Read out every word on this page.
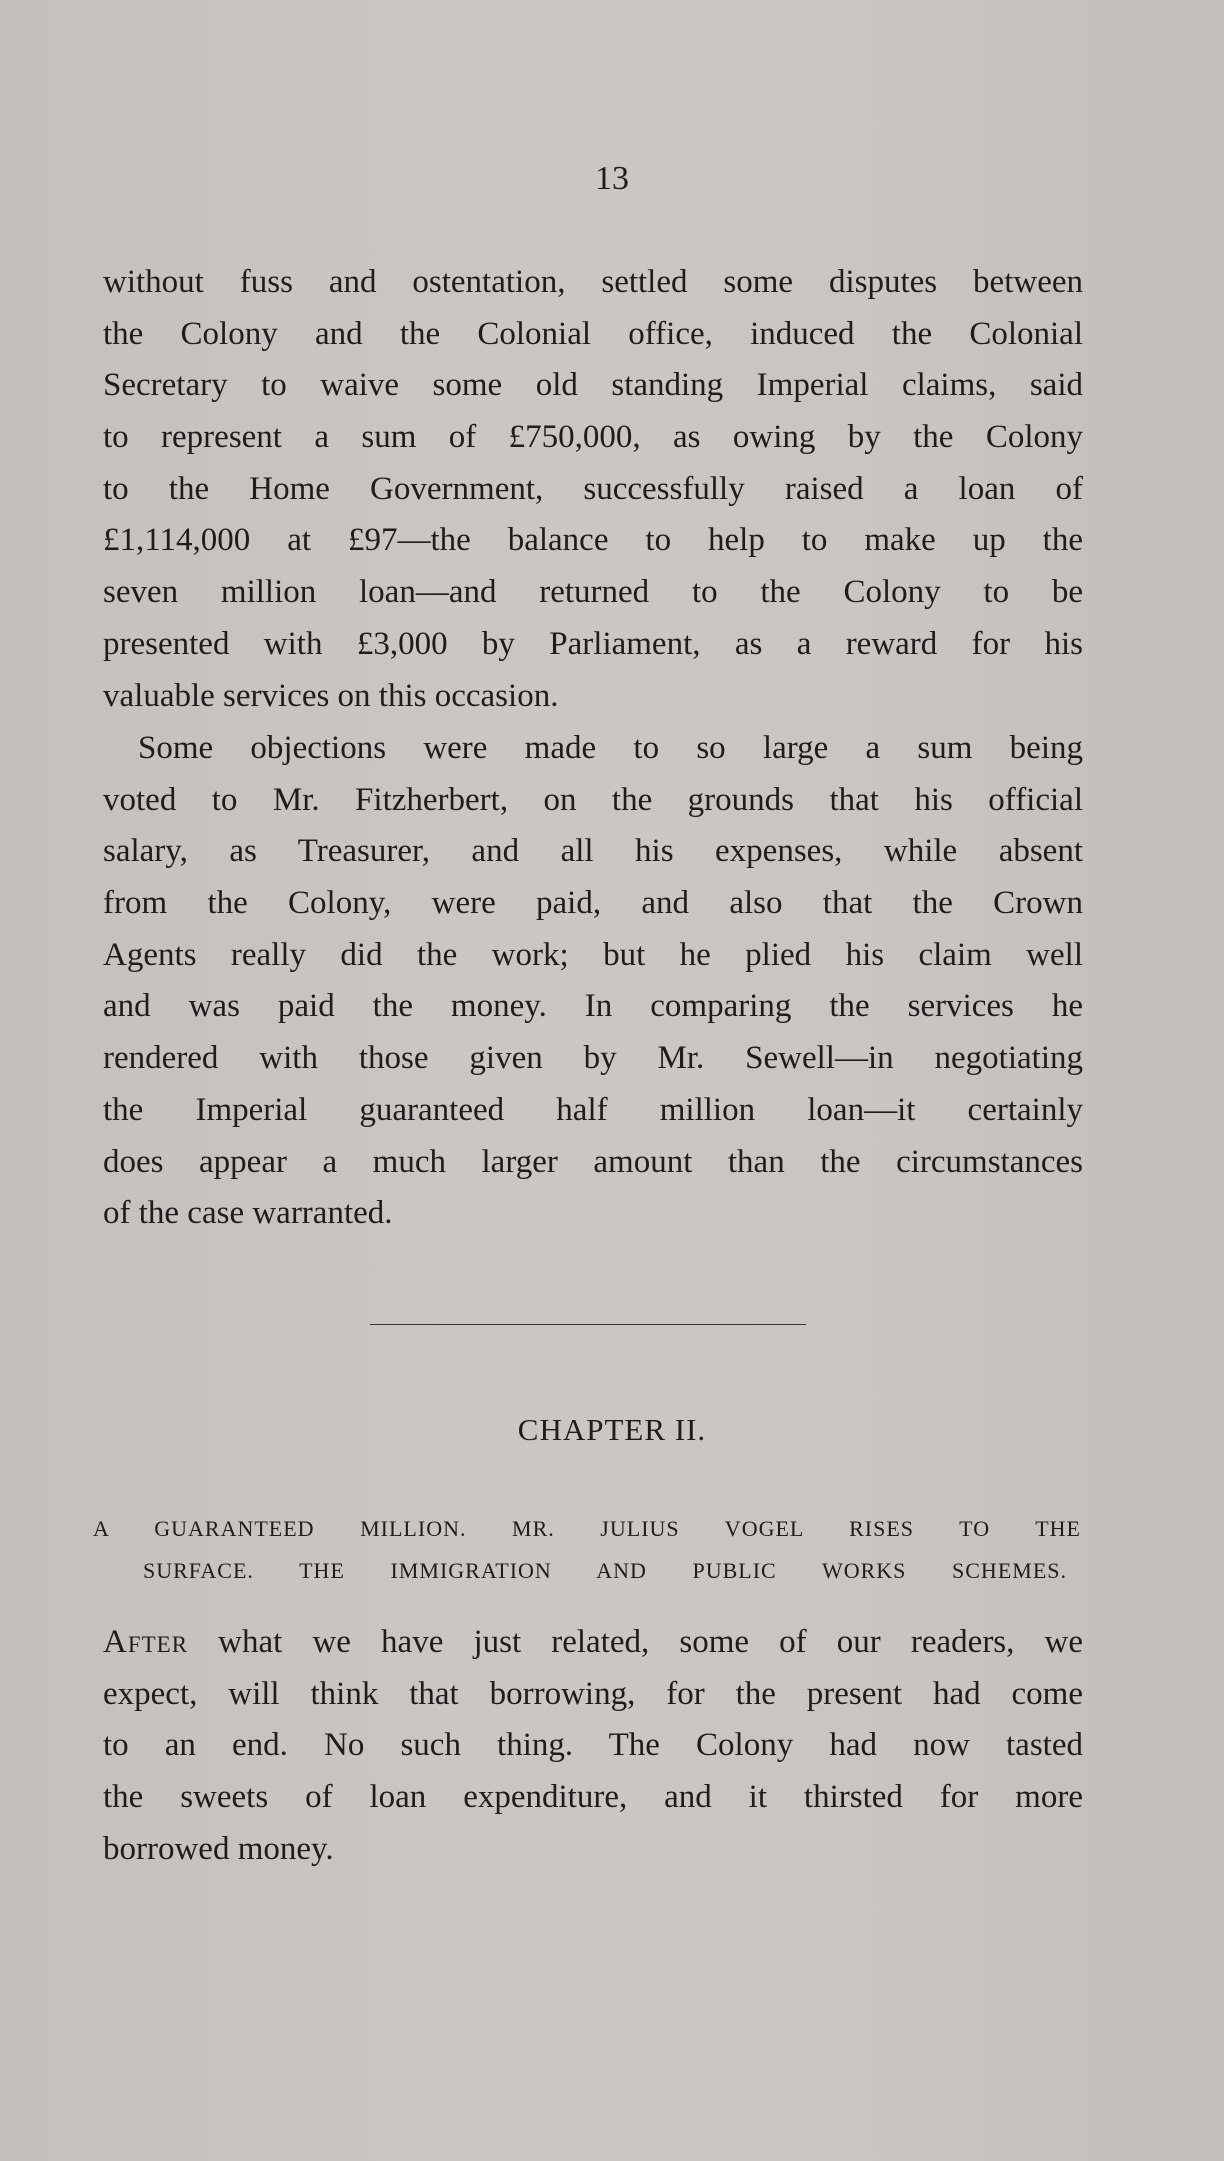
13
without fuss and ostentation, settled some disputes between
the Colony and the Colonial office, induced the Colonial
Secretary to waive some old standing Imperial claims, said
to represent a sum of £750,000, as owing by the Colony
to the Home Government, successfully raised a loan of
£1,114,000 at £97—the balance to help to make up the
seven million loan—and returned to the Colony to be
presented with £3,000 by Parliament, as a reward for his
valuable services on this occasion.
Some objections were made to so large a sum being
voted to Mr. Fitzherbert, on the grounds that his official
salary, as Treasurer, and all his expenses, while absent
from the Colony, were paid, and also that the Crown
Agents really did the work; but he plied his claim well
and was paid the money. In comparing the services he
rendered with those given by Mr. Sewell—in negotiating
the Imperial guaranteed half million loan—it certainly
does appear a much larger amount than the circumstances
of the case warranted.
CHAPTER II.
A GUARANTEED MILLION. MR. JULIUS VOGEL RISES TO THE
SURFACE. THE IMMIGRATION AND PUBLIC WORKS SCHEMES.
After what we have just related, some of our readers, we
expect, will think that borrowing, for the present had come
to an end. No such thing. The Colony had now tasted
the sweets of loan expenditure, and it thirsted for more
borrowed money.
